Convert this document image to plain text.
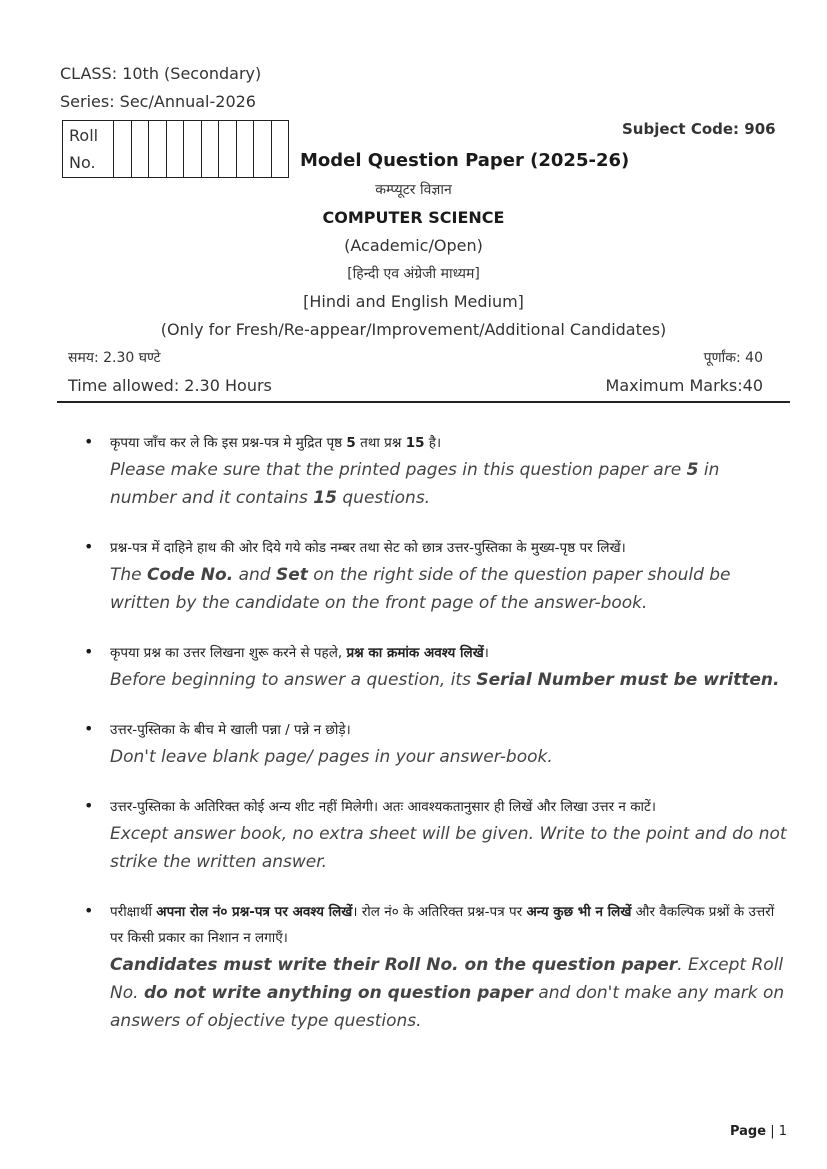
CLASS: 10th (Secondary)
Series: Sec/Annual-2026
Roll
No.

Subject Code: 906
Model Question Paper (2025-26)
कम्प्यूटर विज्ञान
COMPUTER SCIENCE
(Academic/Open)
[हिन्दी एव अंग्रेजी माध्यम]
[Hindi and English Medium]
(Only for Fresh/Re-appear/Improvement/Additional Candidates)
समय: 2.30 घण्टे	पूर्णांक: 40
Time allowed: 2.30 Hours	Maximum Marks:40
• कृपया जाँच कर ले कि इस प्रश्न-पत्र मे मुद्रित पृष्ठ 5 तथा प्रश्न 15 है।
Please make sure that the printed pages in this question paper are 5 in number and it contains 15 questions.
• प्रश्न-पत्र में दाहिने हाथ की ओर दिये गये कोड नम्बर तथा सेट को छात्र उत्तर-पुस्तिका के मुख्य-पृष्ठ पर लिखें।
The Code No. and Set on the right side of the question paper should be written by the candidate on the front page of the answer-book.
• कृपया प्रश्न का उत्तर लिखना शुरू करने से पहले, प्रश्न का क्रमांक अवश्य लिखें।
Before beginning to answer a question, its Serial Number must be written.
• उत्तर-पुस्तिका के बीच मे खाली पन्ना / पन्ने न छोड़े।
Don't leave blank page/ pages in your answer-book.
• उत्तर-पुस्तिका के अतिरिक्त कोई अन्य शीट नहीं मिलेगी। अतः आवश्यकतानुसार ही लिखें और लिखा उत्तर न काटें।
Except answer book, no extra sheet will be given. Write to the point and do not strike the written answer.
• परीक्षार्थी अपना रोल नं० प्रश्न-पत्र पर अवश्य लिखें। रोल नं० के अतिरिक्त प्रश्न-पत्र पर अन्य कुछ भी न लिखें और वैकल्पिक प्रश्नों के उत्तरों पर किसी प्रकार का निशान न लगाएँ।
Candidates must write their Roll No. on the question paper. Except Roll No. do not write anything on question paper and don't make any mark on answers of objective type questions.
Page | 1
